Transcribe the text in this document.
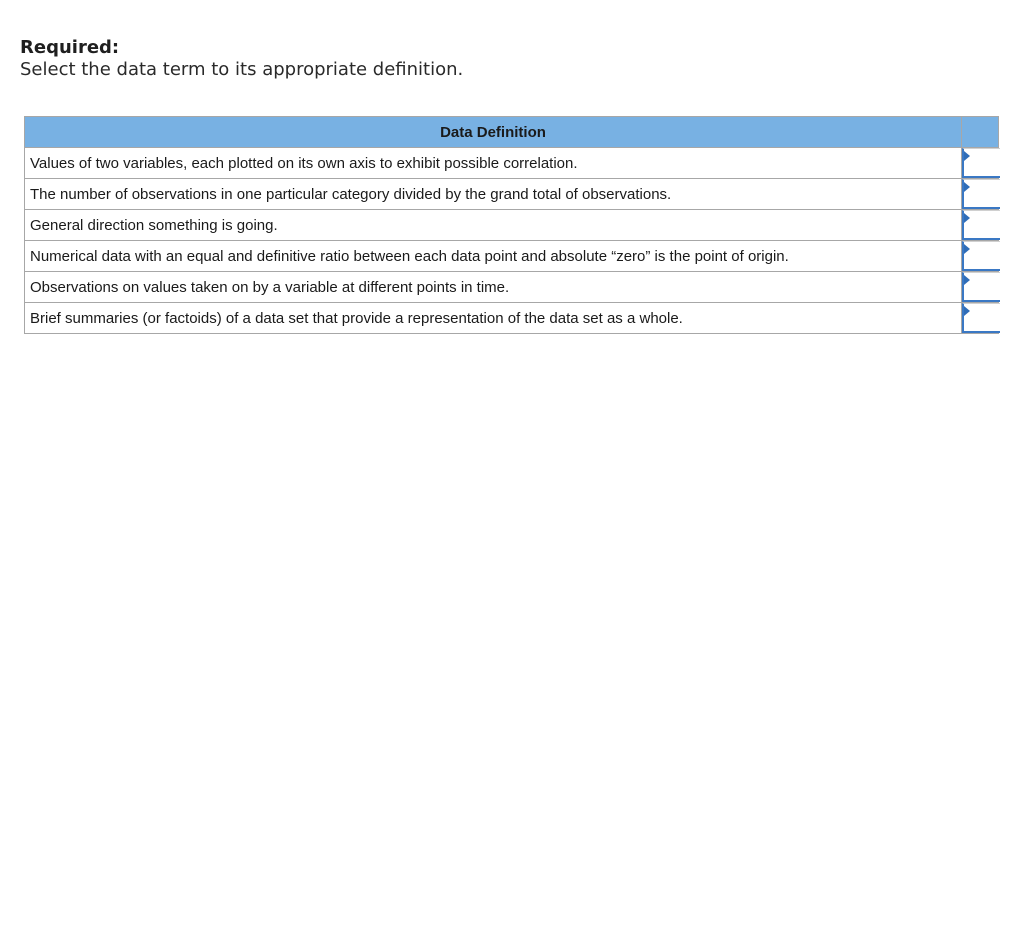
Required:
Select the data term to its appropriate definition.
Data Definition	
Values of two variables, each plotted on its own axis to exhibit possible correlation.	

The number of observations in one particular category divided by the grand total of observations.	

General direction something is going.	

Numerical data with an equal and definitive ratio between each data point and absolute “zero” is the point of origin.	

Observations on values taken on by a variable at different points in time.	

Brief summaries (or factoids) of a data set that provide a representation of the data set as a whole.	
